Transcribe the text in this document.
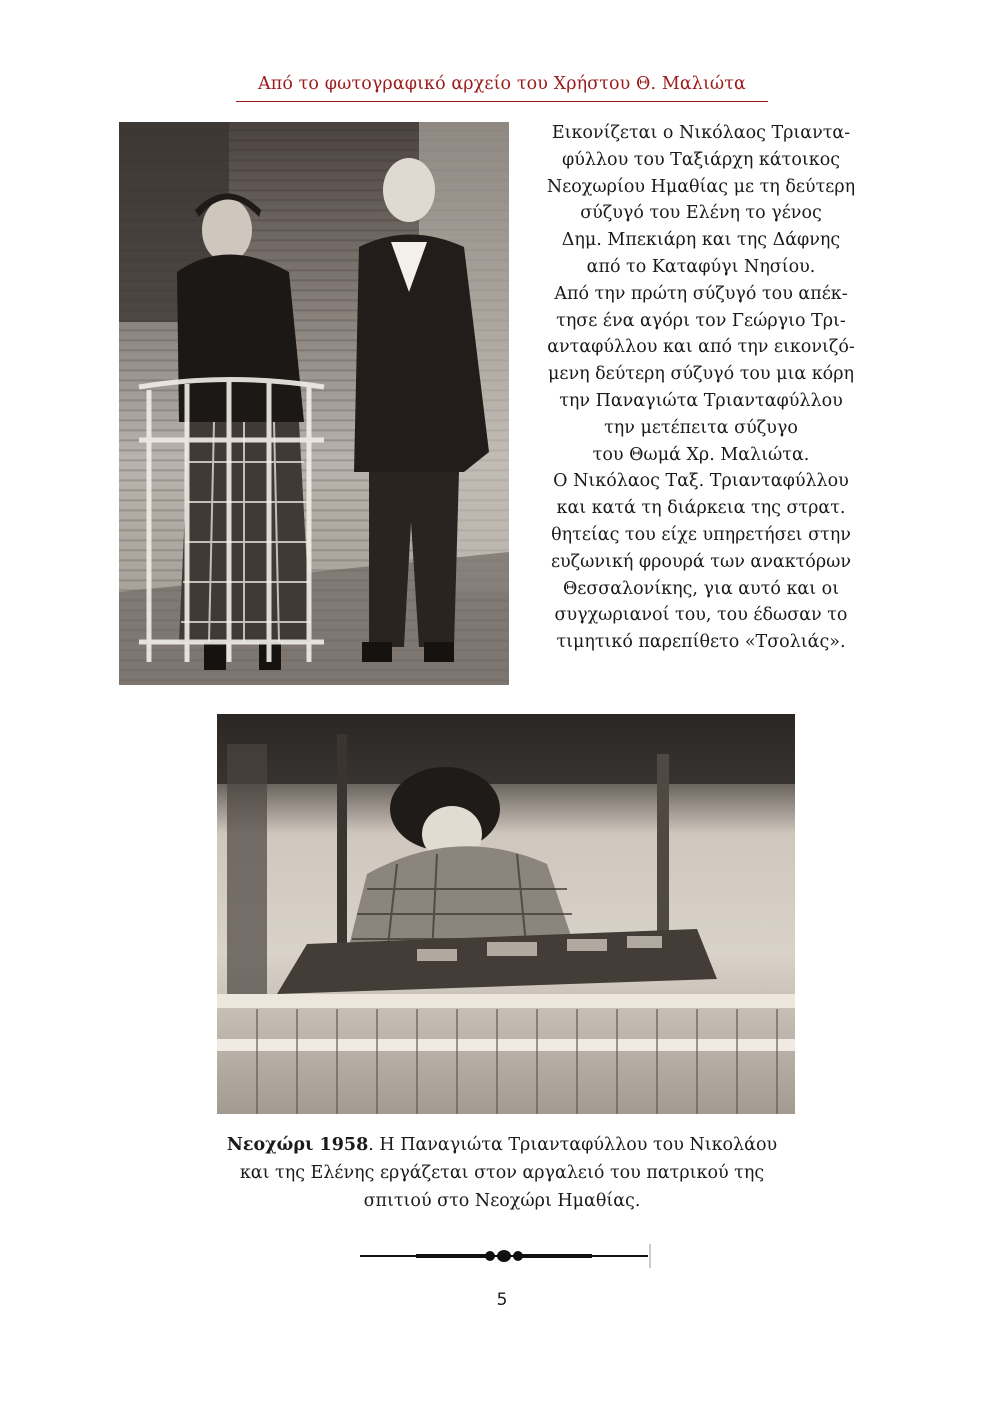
Από το φωτογραφικό αρχείο του Χρήστου Θ. Μαλιώτα
Εικονίζεται ο Νικόλαος Τριαντα-
φύλλου του Ταξιάρχη κάτοικος
Νεοχωρίου Ημαθίας με τη δεύτερη
σύζυγό του Ελένη το γένος
Δημ. Μπεκιάρη και της Δάφνης
από το Καταφύγι Νησίου.
Από την πρώτη σύζυγό του απέκ-
τησε ένα αγόρι τον Γεώργιο Τρι-
ανταφύλλου και από την εικονιζό-
μενη δεύτερη σύζυγό του μια κόρη
την Παναγιώτα Τριανταφύλλου
την μετέπειτα σύζυγο
του Θωμά Χρ. Μαλιώτα.
Ο Νικόλαος Ταξ. Τριανταφύλλου
και κατά τη διάρκεια της στρατ.
θητείας του είχε υπηρετήσει στην
ευζωνική φρουρά των ανακτόρων
Θεσσαλονίκης, για αυτό και οι
συγχωριανοί του, του έδωσαν το
τιμητικό παρεπίθετο «Τσολιάς».
Νεοχώρι 1958. Η Παναγιώτα Τριανταφύλλου του Νικολάου
και της Ελένης εργάζεται στον αργαλειό του πατρικού της
σπιτιού στο Νεοχώρι Ημαθίας.
5
